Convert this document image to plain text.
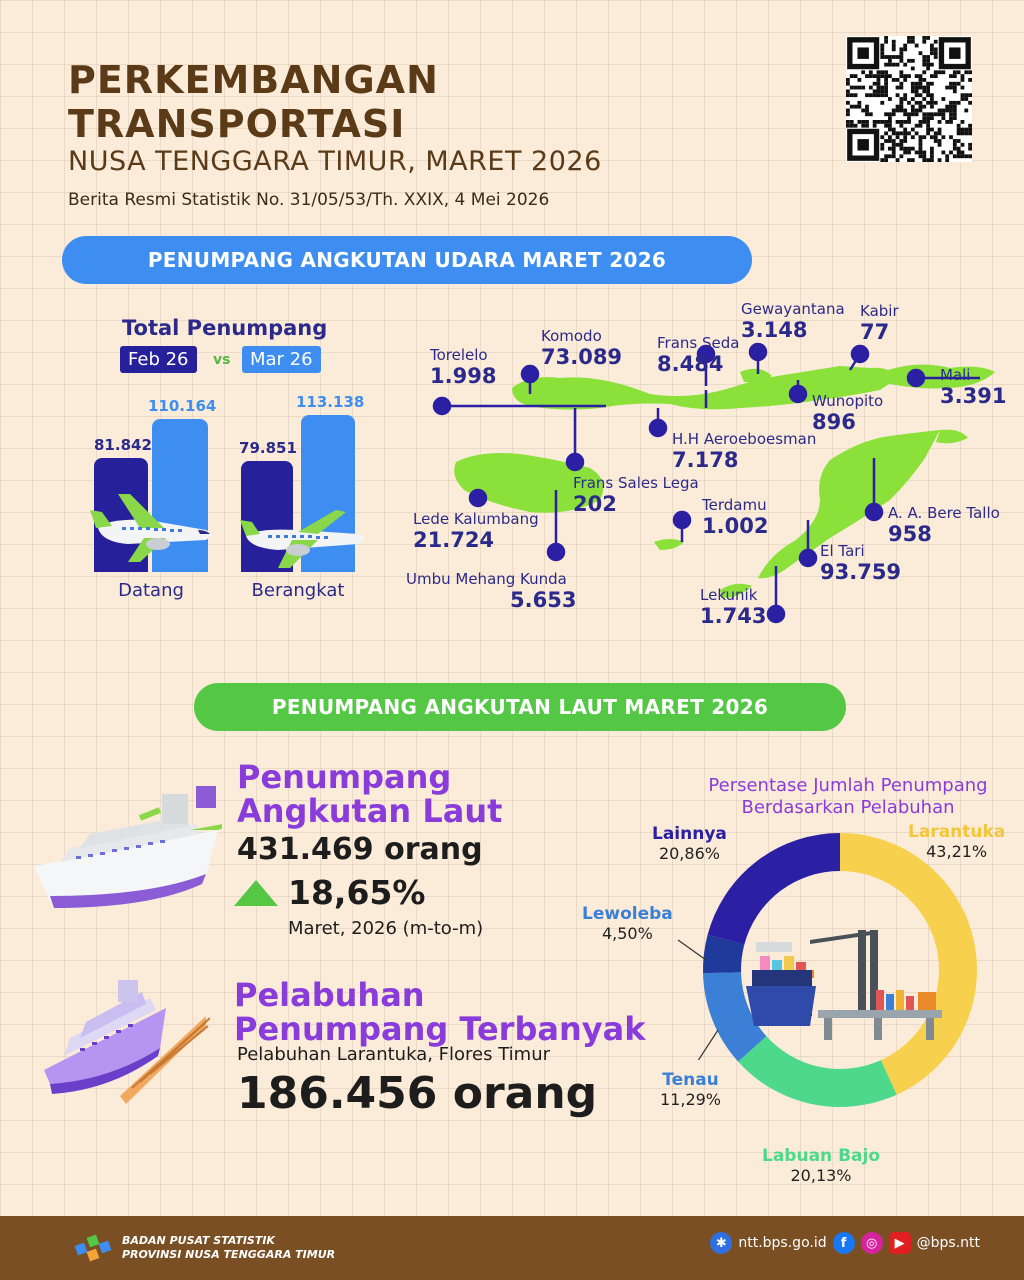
PERKEMBANGAN
TRANSPORTASI
NUSA TENGGARA TIMUR, MARET 2026
Berita Resmi Statistik No. 31/05/53/Th. XXIX, 4 Mei 2026
PENUMPANG ANGKUTAN UDARA MARET 2026
Total Penumpang
Feb 26	vs	Mar 26
81.842
110.164
79.851
113.138
Datang	Berangkat
Torelelo
1.998
Komodo
73.089
Frans Seda
8.484
Gewayantana
3.148
Kabir
77
Mali
3.391
Wunopito
896
H.H Aeroeboesman
7.178
Frans Sales Lega
202
Lede Kalumbang
21.724
Umbu Mehang Kunda
5.653
Terdamu
1.002
A. A. Bere Tallo
958
El Tari
93.759
Lekunik
1.743
PENUMPANG ANGKUTAN LAUT MARET 2026
Penumpang
Angkutan Laut
431.469 orang
18,65%
Maret, 2026 (m-to-m)
Pelabuhan
Penumpang Terbanyak
Pelabuhan Larantuka, Flores Timur
186.456 orang
Persentase Jumlah Penumpang
Berdasarkan Pelabuhan
Larantuka
43,21%
Labuan Bajo
20,13%
Tenau
11,29%
Lewoleba
4,50%
Lainnya
20,86%
BADAN PUSAT STATISTIK
PROVINSI NUSA TENGGARA TIMUR
✱ ntt.bps.go.id	f	◎	▶ @bps.ntt
